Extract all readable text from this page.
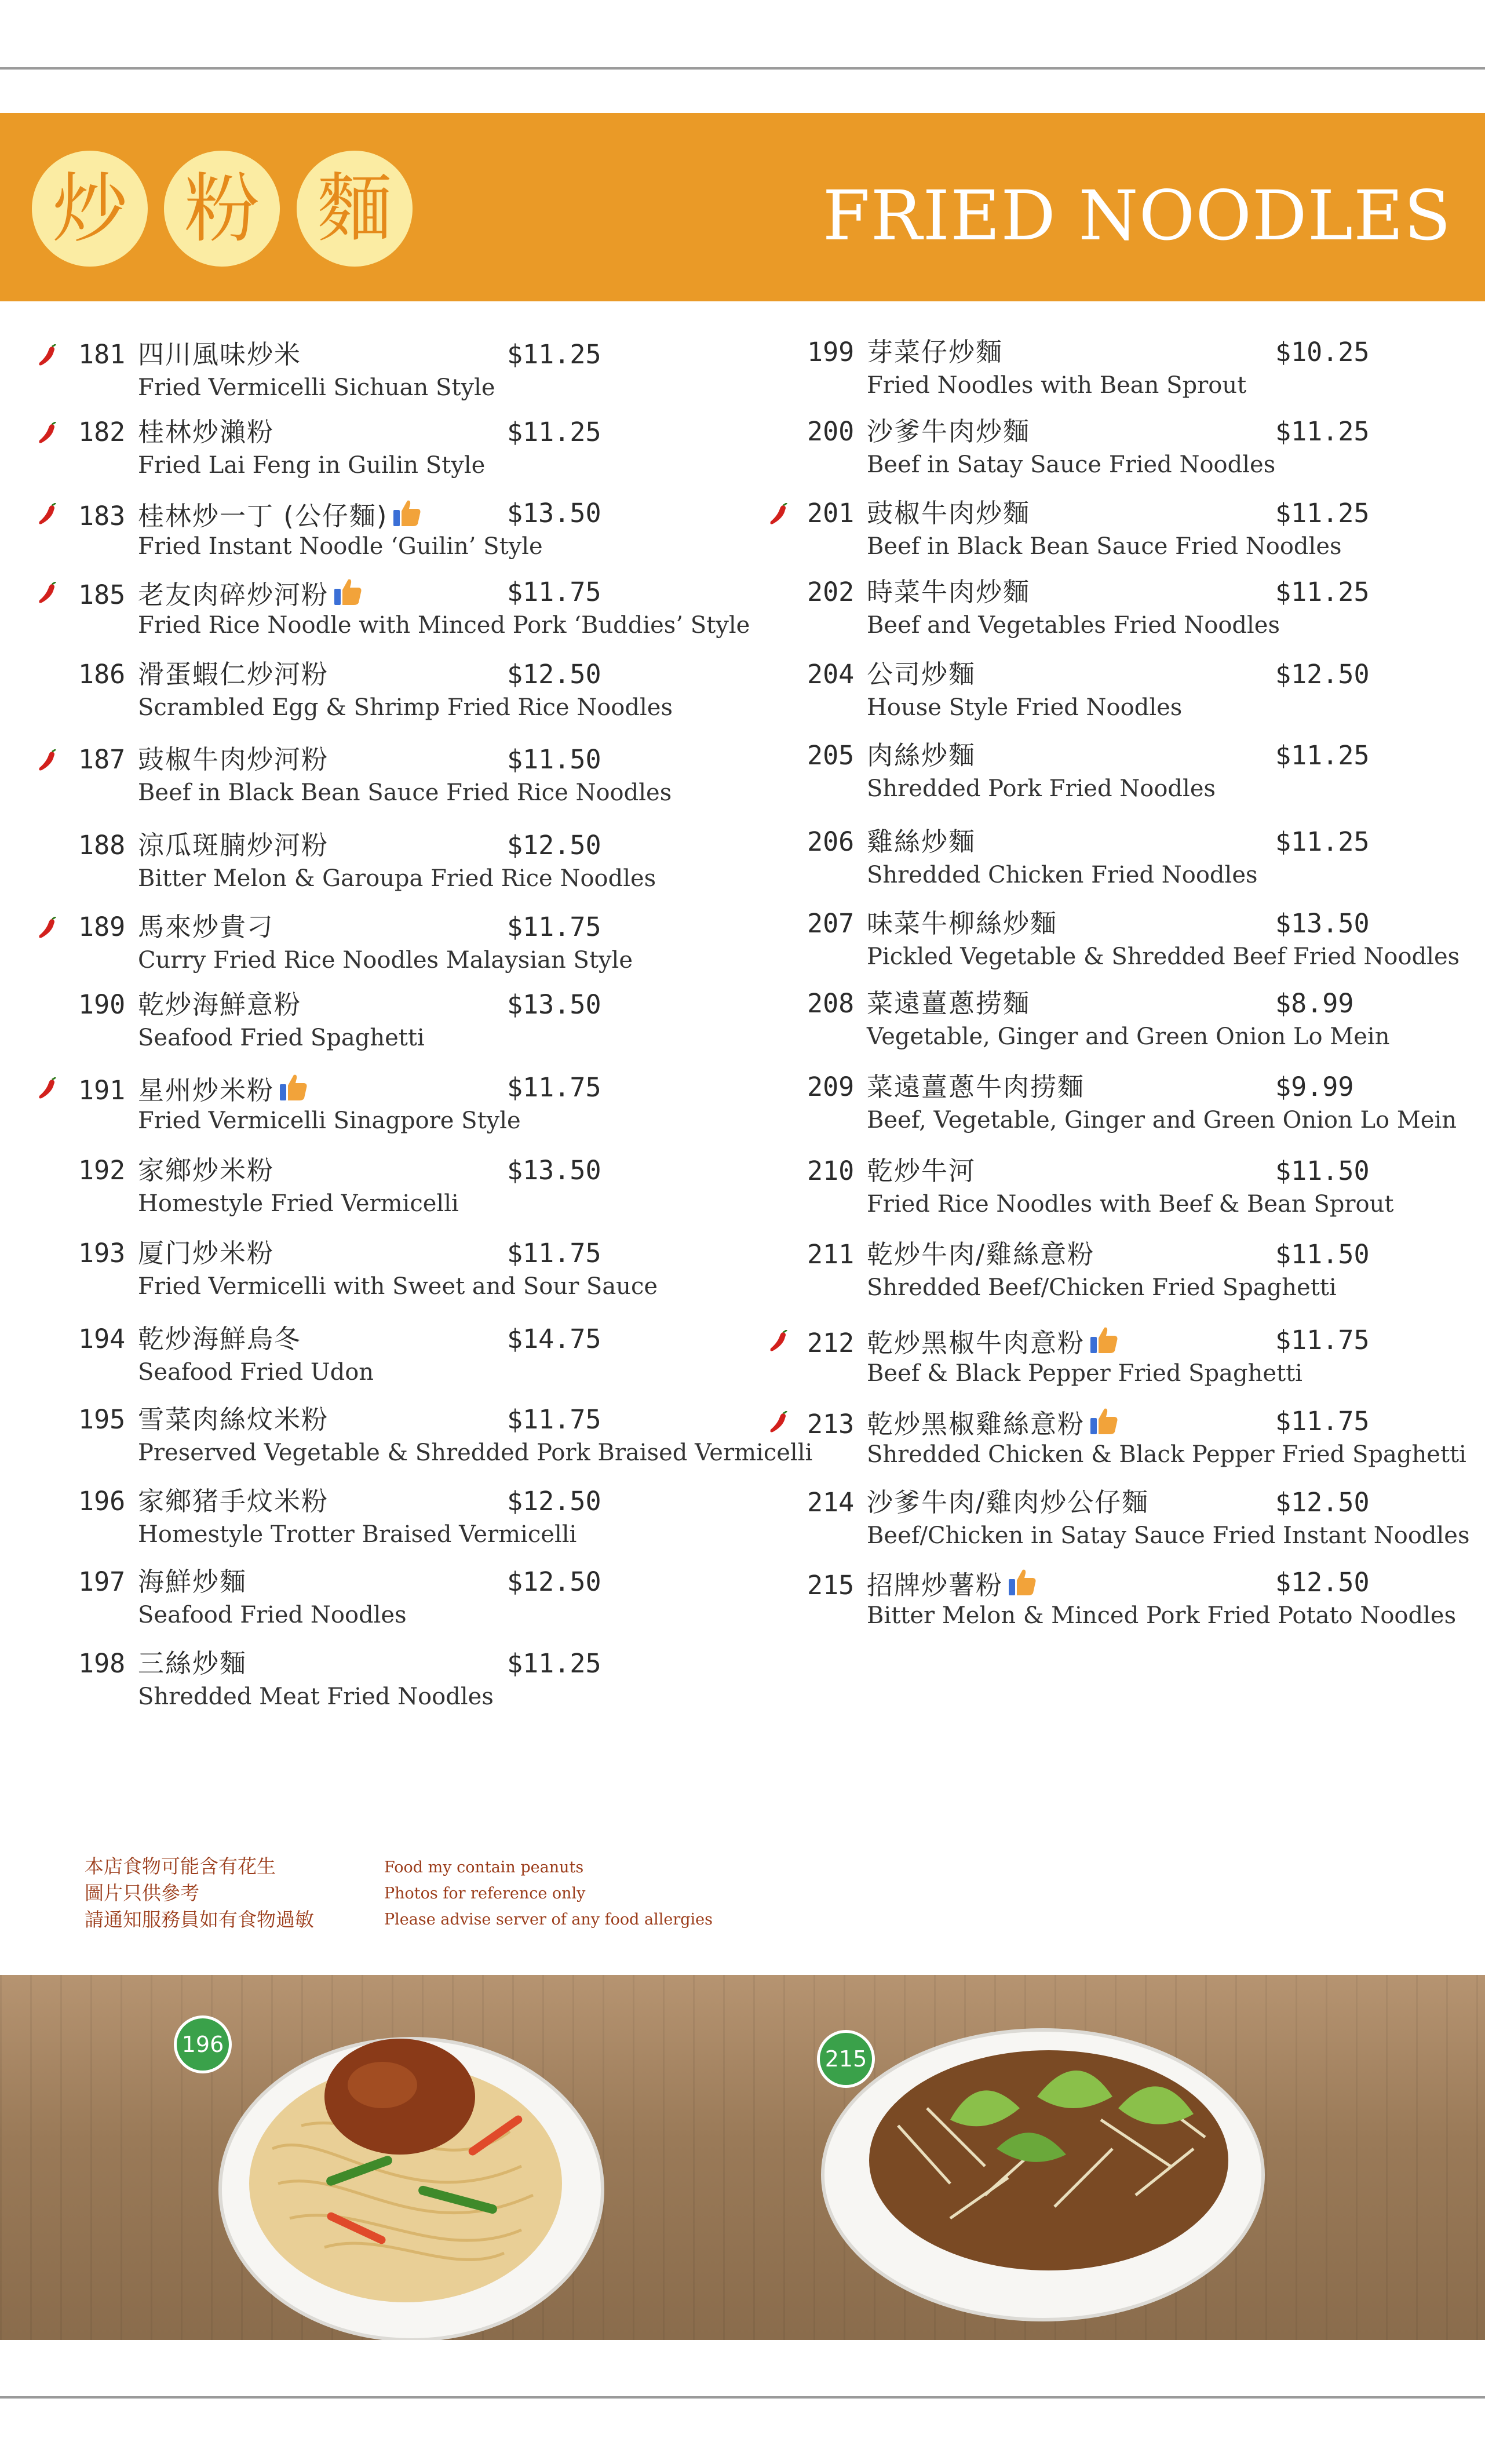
炒 粉 麵	FRIED NOODLES
181 四川風味炒米	$11.25
Fried Vermicelli Sichuan Style
182 桂林炒瀨粉	$11.25
Fried Lai Feng in Guilin Style
183 桂林炒一丁 (公仔麵)	$13.50
Fried Instant Noodle ‘Guilin’ Style
185 老友肉碎炒河粉	$11.75
Fried Rice Noodle with Minced Pork ‘Buddies’ Style
186 滑蛋蝦仁炒河粉	$12.50
Scrambled Egg & Shrimp Fried Rice Noodles
187 豉椒牛肉炒河粉	$11.50
Beef in Black Bean Sauce Fried Rice Noodles
188 涼瓜斑腩炒河粉	$12.50
Bitter Melon & Garoupa Fried Rice Noodles
189 馬來炒貴刁	$11.75
Curry Fried Rice Noodles Malaysian Style
190 乾炒海鮮意粉	$13.50
Seafood Fried Spaghetti
191 星州炒米粉	$11.75
Fried Vermicelli Sinagpore Style
192 家鄉炒米粉	$13.50
Homestyle Fried Vermicelli
193 厦门炒米粉	$11.75
Fried Vermicelli with Sweet and Sour Sauce
194 乾炒海鮮烏冬	$14.75
Seafood Fried Udon
195 雪菜肉絲炆米粉	$11.75
Preserved Vegetable & Shredded Pork Braised Vermicelli
196 家鄉猪手炆米粉	$12.50
Homestyle Trotter Braised Vermicelli
197 海鮮炒麵	$12.50
Seafood Fried Noodles
198 三絲炒麵	$11.25
Shredded Meat Fried Noodles
199 芽菜仔炒麵	$10.25
Fried Noodles with Bean Sprout
200 沙爹牛肉炒麵	$11.25
Beef in Satay Sauce Fried Noodles
201 豉椒牛肉炒麵	$11.25
Beef in Black Bean Sauce Fried Noodles
202 時菜牛肉炒麵	$11.25
Beef and Vegetables Fried Noodles
204 公司炒麵	$12.50
House Style Fried Noodles
205 肉絲炒麵	$11.25
Shredded Pork Fried Noodles
206 雞絲炒麵	$11.25
Shredded Chicken Fried Noodles
207 味菜牛柳絲炒麵	$13.50
Pickled Vegetable & Shredded Beef Fried Noodles
208 菜遠薑蔥捞麵	$8.99
Vegetable, Ginger and Green Onion Lo Mein
209 菜遠薑蔥牛肉捞麵	$9.99
Beef, Vegetable, Ginger and Green Onion Lo Mein
210 乾炒牛河	$11.50
Fried Rice Noodles with Beef & Bean Sprout
211 乾炒牛肉/雞絲意粉	$11.50
Shredded Beef/Chicken Fried Spaghetti
212 乾炒黑椒牛肉意粉	$11.75
Beef & Black Pepper Fried Spaghetti
213 乾炒黑椒雞絲意粉	$11.75
Shredded Chicken & Black Pepper Fried Spaghetti
214 沙爹牛肉/雞肉炒公仔麵	$12.50
Beef/Chicken in Satay Sauce Fried Instant Noodles
215 招牌炒薯粉	$12.50
Bitter Melon & Minced Pork Fried Potato Noodles
本店食物可能含有花生
圖片只供參考
請通知服務員如有食物過敏
Food my contain peanuts
Photos for reference only
Please advise server of any food allergies
196
215
